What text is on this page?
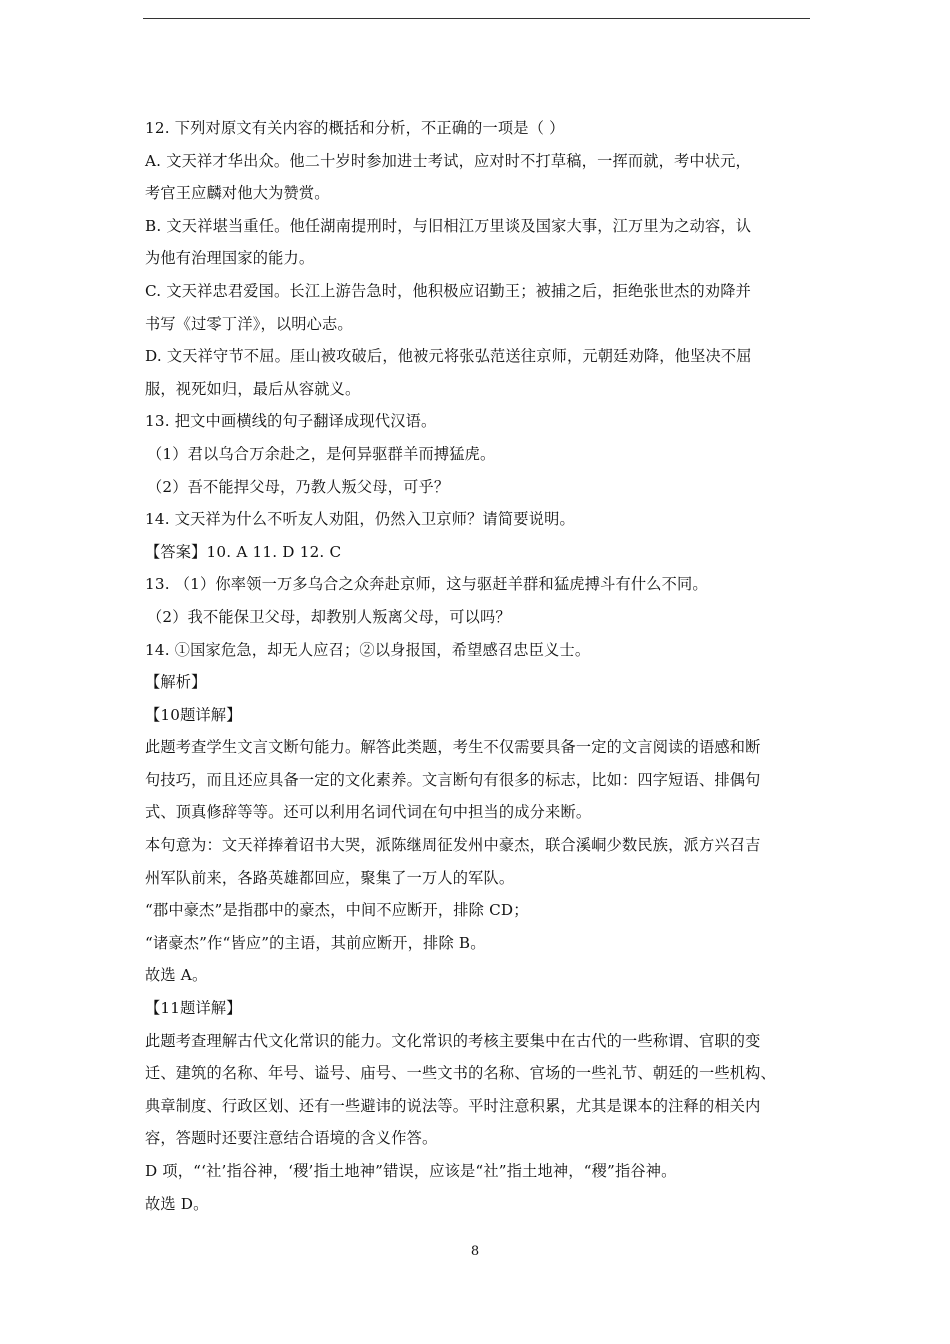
12. 下列对原文有关内容的概括和分析，不正确的一项是（ ）
A. 文天祥才华出众。他二十岁时参加进士考试，应对时不打草稿，一挥而就，考中状元，
考官王应麟对他大为赞赏。
B. 文天祥堪当重任。他任湖南提刑时，与旧相江万里谈及国家大事，江万里为之动容，认
为他有治理国家的能力。
C. 文天祥忠君爱国。长江上游告急时，他积极应诏勤王；被捕之后，拒绝张世杰的劝降并
书写《过零丁洋》，以明心志。
D. 文天祥守节不屈。厓山被攻破后，他被元将张弘范送往京师，元朝廷劝降，他坚决不屈
服，视死如归，最后从容就义。
13. 把文中画横线的句子翻译成现代汉语。
（1）君以乌合万余赴之，是何异驱群羊而搏猛虎。
（2）吾不能捍父母，乃教人叛父母，可乎？
14. 文天祥为什么不听友人劝阻，仍然入卫京师？请简要说明。
【答案】10. A 11. D 12. C
13. （1）你率领一万多乌合之众奔赴京师，这与驱赶羊群和猛虎搏斗有什么不同。
（2）我不能保卫父母，却教别人叛离父母，可以吗？
14. ①国家危急，却无人应召；②以身报国，希望感召忠臣义士。
【解析】
【10题详解】
此题考查学生文言文断句能力。解答此类题，考生不仅需要具备一定的文言阅读的语感和断
句技巧，而且还应具备一定的文化素养。文言断句有很多的标志，比如：四字短语、排偶句
式、顶真修辞等等。还可以利用名词代词在句中担当的成分来断。
本句意为：文天祥捧着诏书大哭，派陈继周征发州中豪杰，联合溪峒少数民族，派方兴召吉
州军队前来，各路英雄都回应，聚集了一万人的军队。
“郡中豪杰”是指郡中的豪杰，中间不应断开，排除 CD；
“诸豪杰”作“皆应”的主语，其前应断开，排除 B。
故选 A。
【11题详解】
此题考查理解古代文化常识的能力。文化常识的考核主要集中在古代的一些称谓、官职的变
迁、建筑的名称、年号、谥号、庙号、一些文书的名称、官场的一些礼节、朝廷的一些机构、
典章制度、行政区划、还有一些避讳的说法等。平时注意积累，尤其是课本的注释的相关内
容，答题时还要注意结合语境的含义作答。
D 项，“‘社’指谷神，‘稷’指土地神”错误，应该是“社”指土地神，“稷”指谷神。
故选 D。
8
